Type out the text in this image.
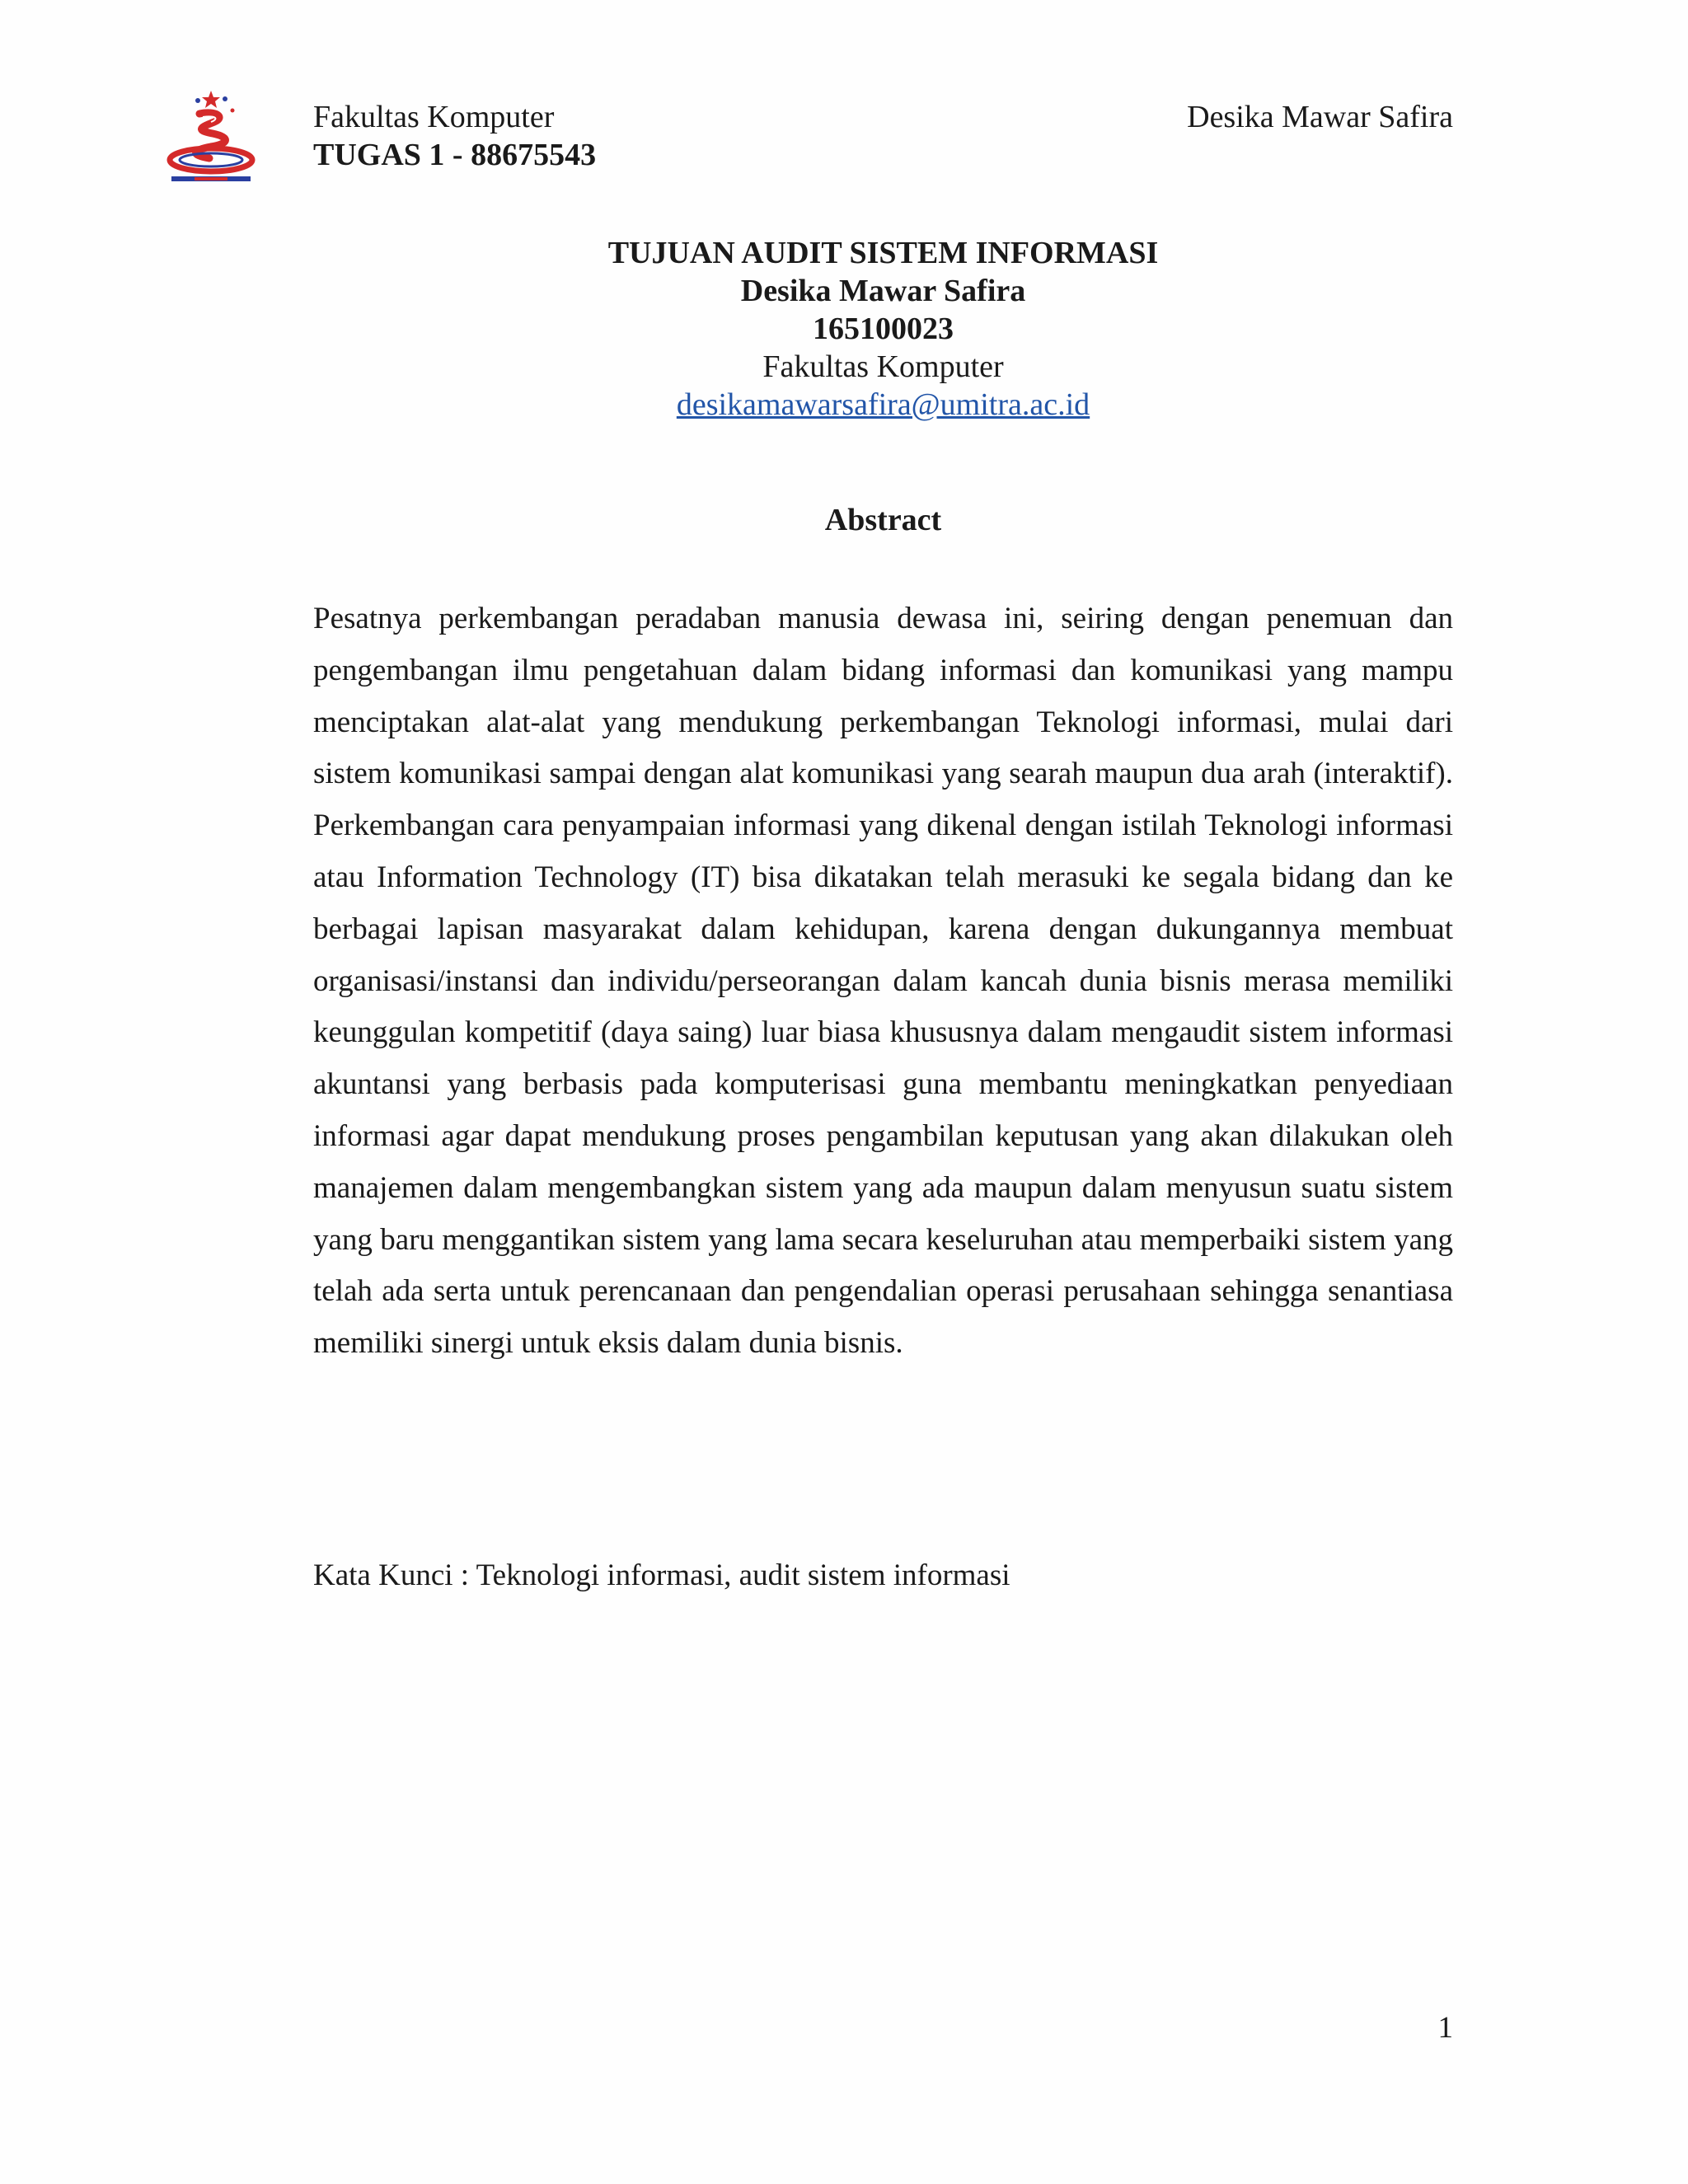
Fakultas Komputer
TUGAS 1 - 88675543
Desika Mawar Safira
TUJUAN AUDIT SISTEM INFORMASI
Desika Mawar Safira
165100023
Fakultas Komputer
desikamawarsafira@umitra.ac.id
Abstract
Pesatnya perkembangan peradaban manusia dewasa ini, seiring dengan penemuan dan pengembangan ilmu pengetahuan dalam bidang informasi dan komunikasi yang mampu menciptakan alat-alat yang mendukung perkembangan Teknologi informasi, mulai dari sistem komunikasi sampai dengan alat komunikasi yang searah maupun dua arah (interaktif). Perkembangan cara penyampaian informasi yang dikenal dengan istilah Teknologi informasi atau Information Technology (IT) bisa dikatakan telah merasuki ke segala bidang dan ke berbagai lapisan masyarakat dalam kehidupan, karena dengan dukungannya membuat organisasi/instansi dan individu/perseorangan dalam kancah dunia bisnis merasa memiliki keunggulan kompetitif (daya saing) luar biasa khususnya dalam mengaudit sistem informasi akuntansi yang berbasis pada komputerisasi guna membantu meningkatkan penyediaan informasi agar dapat mendukung proses pengambilan keputusan yang akan dilakukan oleh manajemen dalam mengembangkan sistem yang ada maupun dalam menyusun suatu sistem yang baru menggantikan sistem yang lama secara keseluruhan atau memperbaiki sistem yang telah ada serta untuk perencanaan dan pengendalian operasi perusahaan sehingga senantiasa memiliki sinergi untuk eksis dalam dunia bisnis.
Kata Kunci : Teknologi informasi, audit sistem informasi
1
